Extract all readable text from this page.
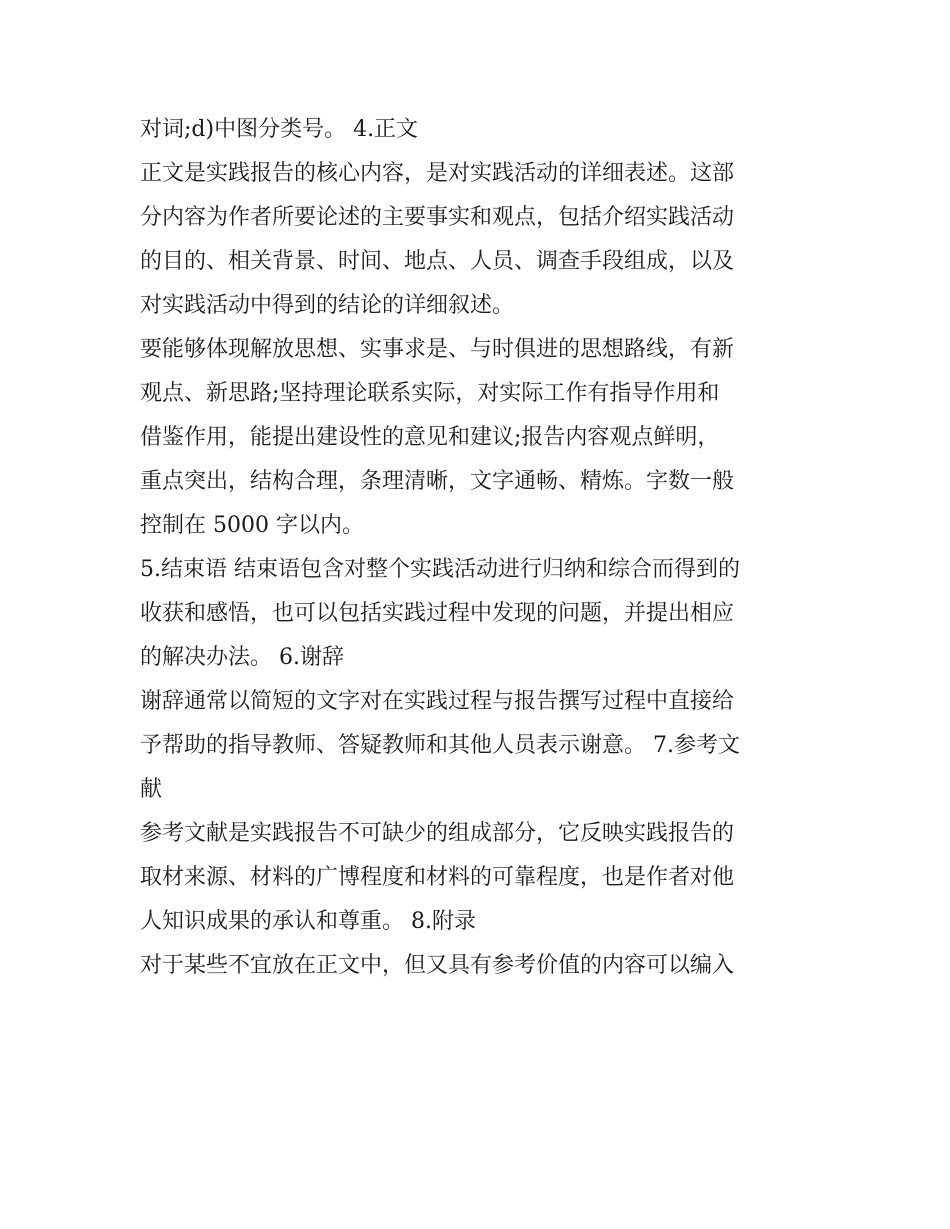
对词;d)中图分类号。 4.正文
正文是实践报告的核心内容，是对实践活动的详细表述。这部
分内容为作者所要论述的主要事实和观点，包括介绍实践活动
的目的、相关背景、时间、地点、人员、调查手段组成，以及
对实践活动中得到的结论的详细叙述。
要能够体现解放思想、实事求是、与时俱进的思想路线，有新
观点、新思路;坚持理论联系实际，对实际工作有指导作用和
借鉴作用，能提出建设性的意见和建议;报告内容观点鲜明，
重点突出，结构合理，条理清晰，文字通畅、精炼。字数一般
控制在 5000 字以内。
5.结束语 结束语包含对整个实践活动进行归纳和综合而得到的
收获和感悟，也可以包括实践过程中发现的问题，并提出相应
的解决办法。 6.谢辞
谢辞通常以简短的文字对在实践过程与报告撰写过程中直接给
予帮助的指导教师、答疑教师和其他人员表示谢意。 7.参考文
献
参考文献是实践报告不可缺少的组成部分，它反映实践报告的
取材来源、材料的广博程度和材料的可靠程度，也是作者对他
人知识成果的承认和尊重。 8.附录
对于某些不宜放在正文中，但又具有参考价值的内容可以编入
